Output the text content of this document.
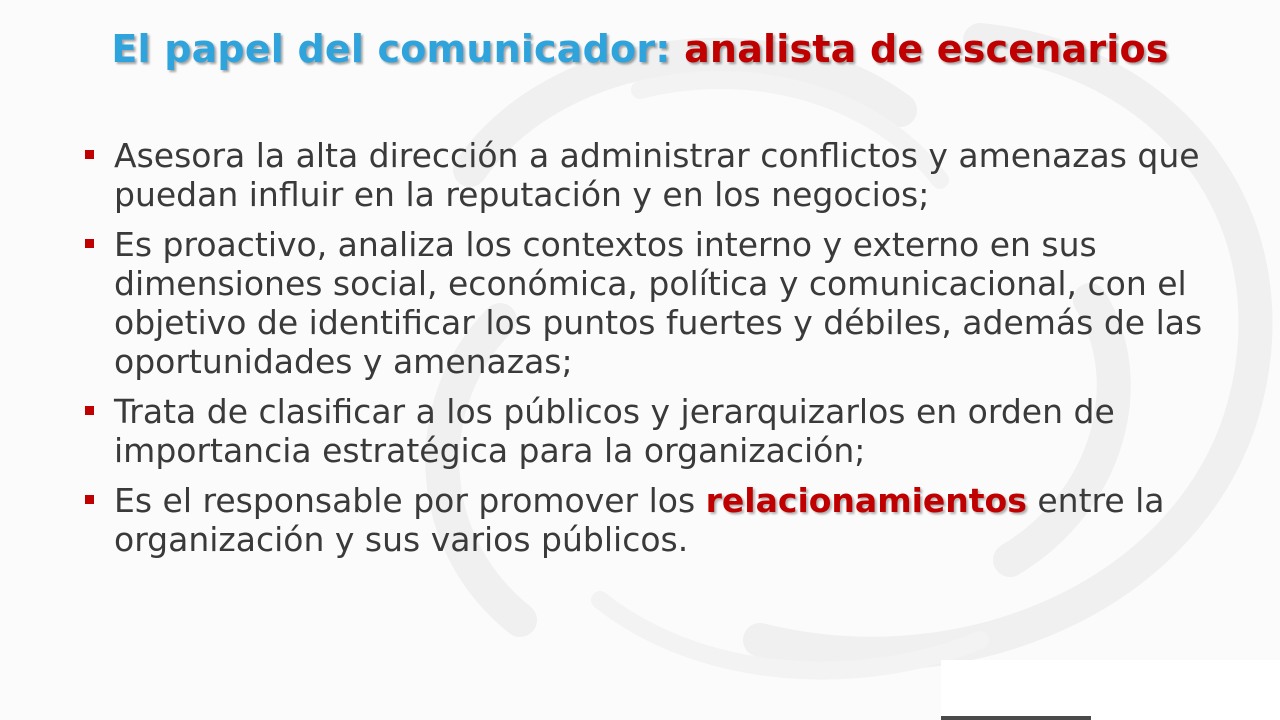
El papel del comunicador: analista de escenarios
Asesora la alta dirección a administrar conflictos y amenazas que puedan influir en la reputación y en los negocios;
Es proactivo, analiza los contextos interno y externo en sus dimensiones social, económica, política y comunicacional, con el objetivo de identificar los puntos fuertes y débiles, además de las oportunidades y amenazas;
Trata de clasificar a los públicos y jerarquizarlos en orden de importancia estratégica para la organización;
Es el responsable por promover los relacionamientos entre la organización y sus varios públicos.
